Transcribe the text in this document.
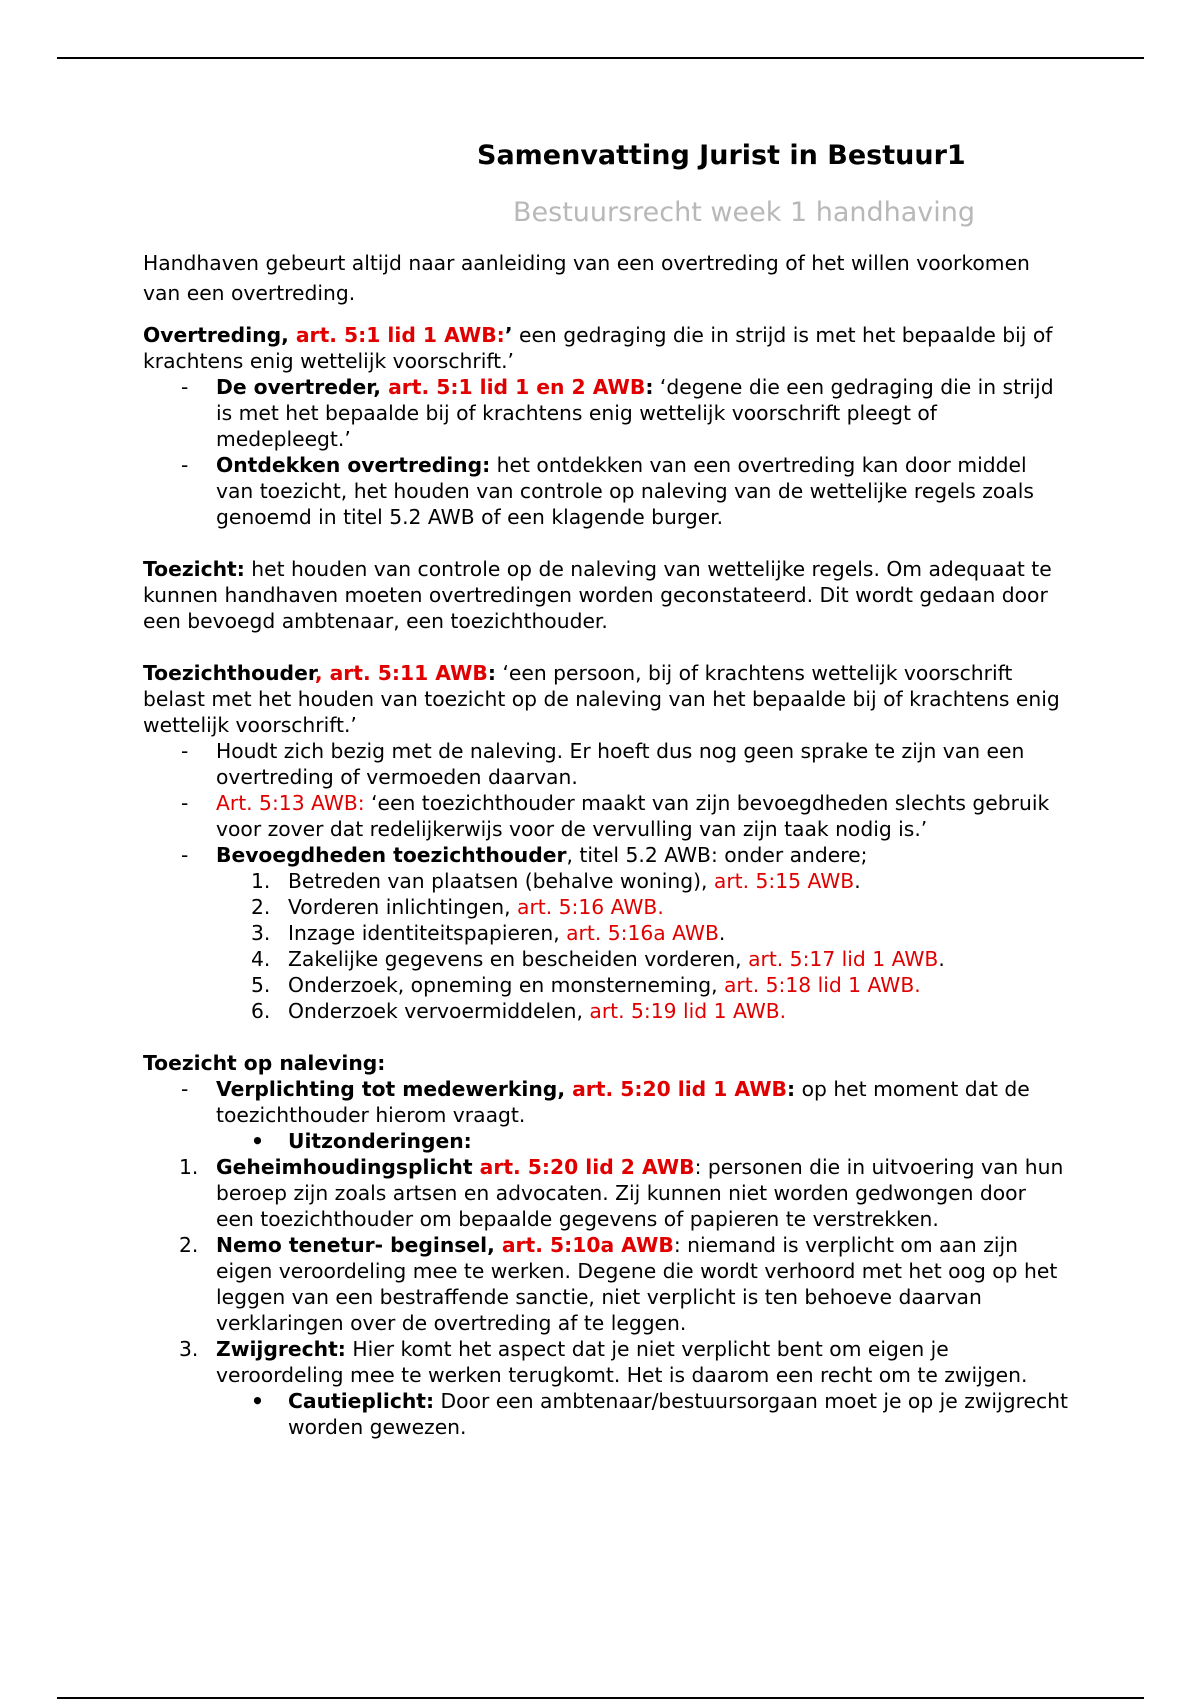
Samenvatting Jurist in Bestuur1
Bestuursrecht week 1 handhaving

Handhaven gebeurt altijd naar aanleiding van een overtreding of het willen voorkomen van een overtreding.

Overtreding, art. 5:1 lid 1 AWB:’ een gedraging die in strijd is met het bepaalde bij of krachtens enig wettelijk voorschrift.’

- De overtreder, art. 5:1 lid 1 en 2 AWB: ‘degene die een gedraging die in strijd is met het bepaalde bij of krachtens enig wettelijk voorschrift pleegt of medepleegt.’
- Ontdekken overtreding: het ontdekken van een overtreding kan door middel van toezicht, het houden van controle op naleving van de wettelijke regels zoals genoemd in titel 5.2 AWB of een klagende burger.

Toezicht: het houden van controle op de naleving van wettelijke regels. Om adequaat te kunnen handhaven moeten overtredingen worden geconstateerd. Dit wordt gedaan door een bevoegd ambtenaar, een toezichthouder.

Toezichthouder, art. 5:11 AWB: ‘een persoon, bij of krachtens wettelijk voorschrift belast met het houden van toezicht op de naleving van het bepaalde bij of krachtens enig wettelijk voorschrift.’

- Houdt zich bezig met de naleving. Er hoeft dus nog geen sprake te zijn van een overtreding of vermoeden daarvan.
- Art. 5:13 AWB: ‘een toezichthouder maakt van zijn bevoegdheden slechts gebruik voor zover dat redelijkerwijs voor de vervulling van zijn taak nodig is.’
- Bevoegdheden toezichthouder, titel 5.2 AWB: onder andere;
1. Betreden van plaatsen (behalve woning), art. 5:15 AWB.
2. Vorderen inlichtingen, art. 5:16 AWB.
3. Inzage identiteitspapieren, art. 5:16a AWB.
4. Zakelijke gegevens en bescheiden vorderen, art. 5:17 lid 1 AWB.
5. Onderzoek, opneming en monsterneming, art. 5:18 lid 1 AWB.
6. Onderzoek vervoermiddelen, art. 5:19 lid 1 AWB.

Toezicht op naleving:

- Verplichting tot medewerking, art. 5:20 lid 1 AWB: op het moment dat de toezichthouder hierom vraagt.
• Uitzonderingen:
1. Geheimhoudingsplicht art. 5:20 lid 2 AWB: personen die in uitvoering van hun beroep zijn zoals artsen en advocaten. Zij kunnen niet worden gedwongen door een toezichthouder om bepaalde gegevens of papieren te verstrekken.
2. Nemo tenetur- beginsel, art. 5:10a AWB: niemand is verplicht om aan zijn eigen veroordeling mee te werken. Degene die wordt verhoord met het oog op het leggen van een bestraffende sanctie, niet verplicht is ten behoeve daarvan verklaringen over de overtreding af te leggen.
3. Zwijgrecht: Hier komt het aspect dat je niet verplicht bent om eigen je veroordeling mee te werken terugkomt. Het is daarom een recht om te zwijgen.
• Cautieplicht: Door een ambtenaar/bestuursorgaan moet je op je zwijgrecht worden gewezen.
